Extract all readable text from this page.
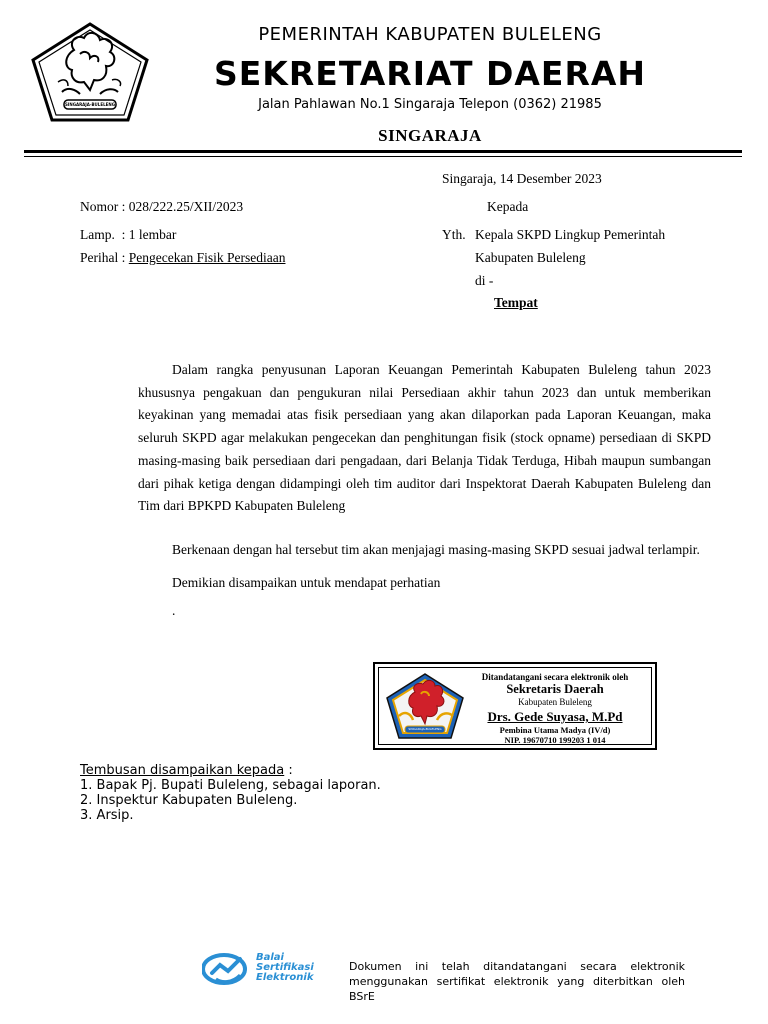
SINGARAJA-BULELENG
PEMERINTAH KABUPATEN BULELENG
SEKRETARIAT DAERAH
Jalan Pahlawan No.1 Singaraja Telepon (0362) 21985
SINGARAJA
Singaraja, 14 Desember 2023
Kepada
Nomor : 028/222.25/XII/2023
Lamp.  : 1 lembar
Perihal : Pengecekan Fisik Persediaan
Yth. Kepala SKPD Lingkup Pemerintah
Kabupaten Buleleng
di -
Tempat
Dalam rangka penyusunan Laporan Keuangan Pemerintah Kabupaten Buleleng tahun 2023 khususnya pengakuan dan pengukuran nilai Persediaan akhir tahun 2023 dan untuk memberikan keyakinan yang memadai atas fisik persediaan yang akan dilaporkan pada Laporan Keuangan, maka seluruh SKPD agar melakukan pengecekan dan penghitungan fisik (stock opname) persediaan di SKPD masing-masing baik persediaan dari pengadaan, dari Belanja Tidak Terduga, Hibah maupun sumbangan dari pihak ketiga dengan didampingi oleh tim auditor dari Inspektorat Daerah Kabupaten Buleleng dan Tim dari BPKPD Kabupaten Buleleng
Berkenaan dengan hal tersebut tim akan menjajagi masing-masing SKPD sesuai jadwal terlampir.
Demikian disampaikan untuk mendapat perhatian
.
SINGARAJA-BULELENG
Ditandatangani secara elektronik oleh
Sekretaris Daerah
Kabupaten Buleleng
Drs. Gede Suyasa, M.Pd
Pembina Utama Madya (IV/d)
NIP. 19670710 199203 1 014
Tembusan disampaikan kepada :
1. Bapak Pj. Bupati Buleleng, sebagai laporan.
2. Inspektur Kabupaten Buleleng.
3. Arsip.
Balai
Sertifikasi
Elektronik
Dokumen ini telah ditandatangani secara elektronik menggunakan sertifikat elektronik yang diterbitkan oleh BSrE
